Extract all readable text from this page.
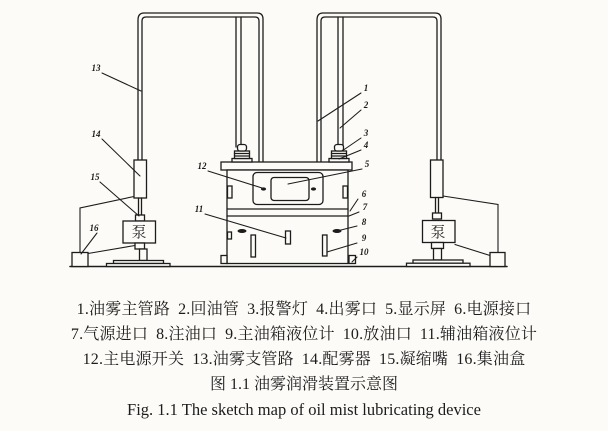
1
2
3
4
5
6
7
8
9
10
11
12
13
14
15
16 泵	泵
1.油雾主管路 2.回油管 3.报警灯 4.出雾口 5.显示屏 6.电源接口
7.气源进口 8.注油口 9.主油箱液位计 10.放油口 11.辅油箱液位计
12.主电源开关 13.油雾支管路 14.配雾器 15.凝缩嘴 16.集油盒
图 1.1 油雾润滑装置示意图
Fig. 1.1 The sketch map of oil mist lubricating device
